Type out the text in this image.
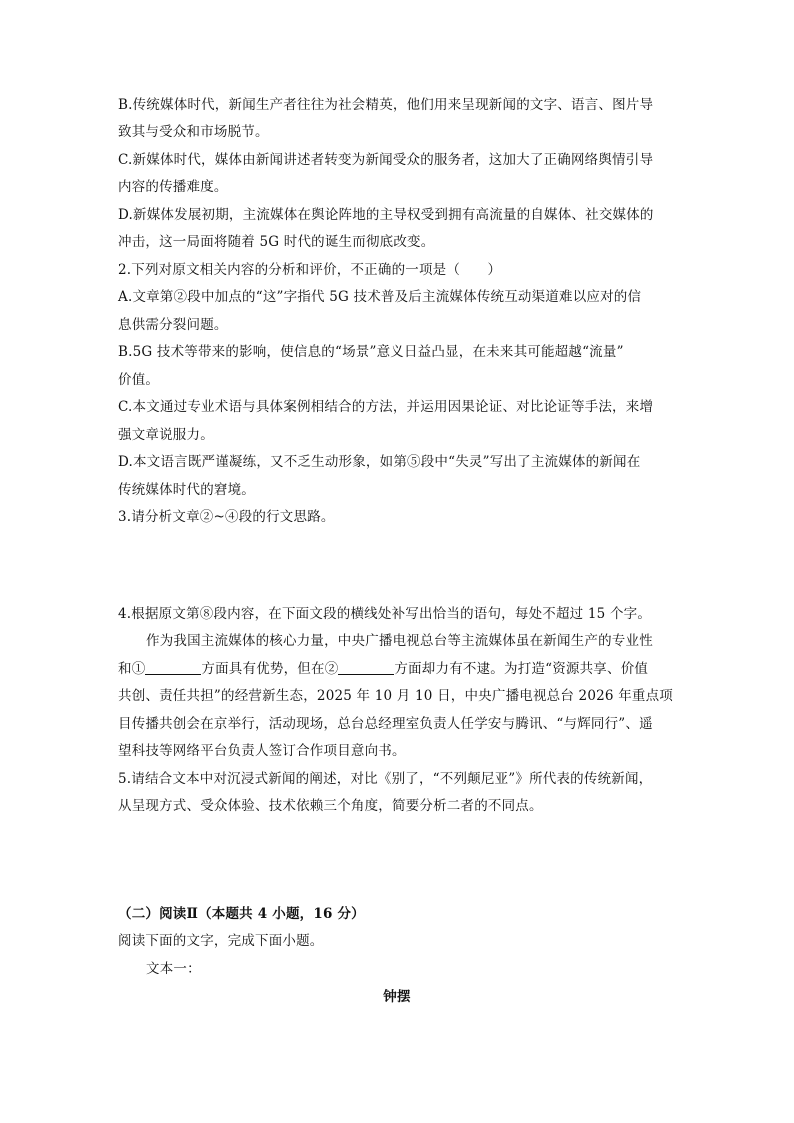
B.传统媒体时代，新闻生产者往往为社会精英，他们用来呈现新闻的文字、语言、图片导
致其与受众和市场脱节。
C.新媒体时代，媒体由新闻讲述者转变为新闻受众的服务者，这加大了正确网络舆情引导
内容的传播难度。
D.新媒体发展初期，主流媒体在舆论阵地的主导权受到拥有高流量的自媒体、社交媒体的
冲击，这一局面将随着 5G 时代的诞生而彻底改变。
2.下列对原文相关内容的分析和评价，不正确的一项是（　　）
A.文章第②段中加点的“这”字指代 5G 技术普及后主流媒体传统互动渠道难以应对的信
息供需分裂问题。
B.5G 技术等带来的影响，使信息的“场景”意义日益凸显，在未来其可能超越“流量”
价值。
C.本文通过专业术语与具体案例相结合的方法，并运用因果论证、对比论证等手法，来增
强文章说服力。
D.本文语言既严谨凝练，又不乏生动形象，如第⑤段中“失灵”写出了主流媒体的新闻在
传统媒体时代的窘境。
3.请分析文章②~④段的行文思路。
4.根据原文第⑧段内容，在下面文段的横线处补写出恰当的语句，每处不超过 15 个字。
作为我国主流媒体的核心力量，中央广播电视总台等主流媒体虽在新闻生产的专业性
和①	方面具有优势，但在②	方面却力有不逮。为打造“资源共享、价值
共创、责任共担”的经营新生态，2025 年 10 月 10 日，中央广播电视总台 2026 年重点项
目传播共创会在京举行，活动现场，总台总经理室负责人任学安与腾讯、“与辉同行”、遥
望科技等网络平台负责人签订合作项目意向书。
5.请结合文本中对沉浸式新闻的阐述，对比《别了，“不列颠尼亚”》所代表的传统新闻，
从呈现方式、受众体验、技术依赖三个角度，简要分析二者的不同点。
（二）阅读Ⅱ（本题共 4 小题，16 分）
阅读下面的文字，完成下面小题。
文本一：
钟摆
